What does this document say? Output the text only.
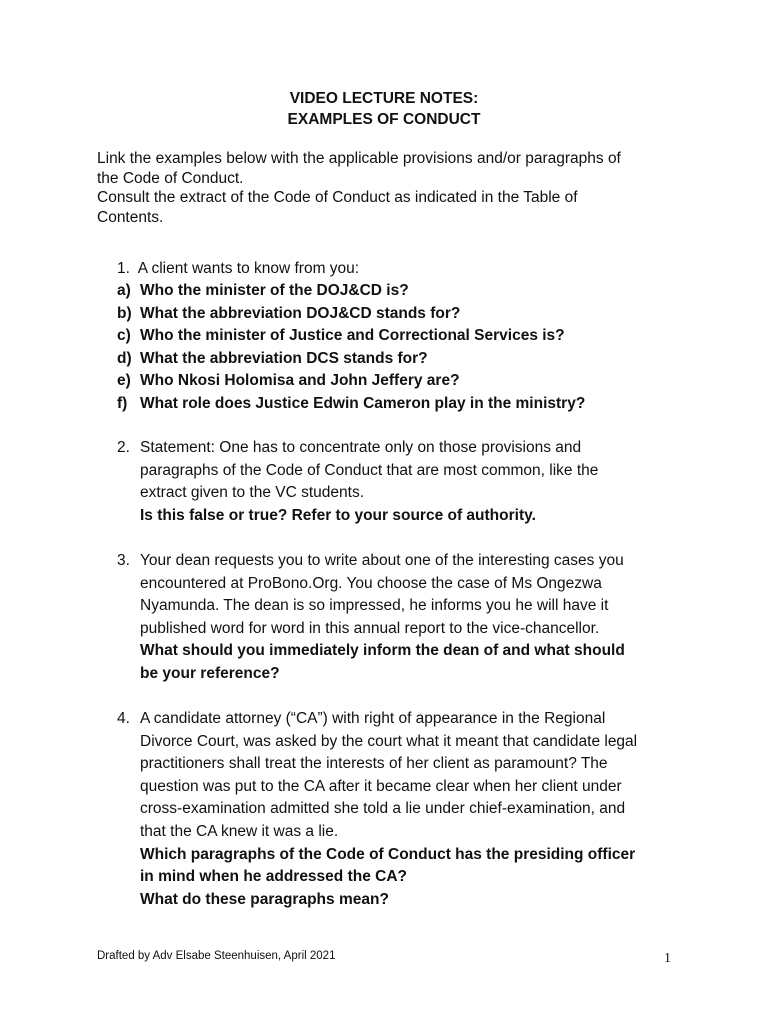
VIDEO LECTURE NOTES:
EXAMPLES OF CONDUCT
Link the examples below with the applicable provisions and/or paragraphs of
the Code of Conduct.
Consult the extract of the Code of Conduct as indicated in the Table of
Contents.
1. A client wants to know from you:
a) Who the minister of the DOJ&CD is?
b) What the abbreviation DOJ&CD stands for?
c) Who the minister of Justice and Correctional Services is?
d) What the abbreviation DCS stands for?
e) Who Nkosi Holomisa and John Jeffery are?
f) What role does Justice Edwin Cameron play in the ministry?
2. Statement: One has to concentrate only on those provisions and
paragraphs of the Code of Conduct that are most common, like the
extract given to the VC students.
Is this false or true? Refer to your source of authority.
3. Your dean requests you to write about one of the interesting cases you
encountered at ProBono.Org. You choose the case of Ms Ongezwa
Nyamunda. The dean is so impressed, he informs you he will have it
published word for word in this annual report to the vice-chancellor.
What should you immediately inform the dean of and what should
be your reference?
4. A candidate attorney (“CA”) with right of appearance in the Regional
Divorce Court, was asked by the court what it meant that candidate legal
practitioners shall treat the interests of her client as paramount? The
question was put to the CA after it became clear when her client under
cross-examination admitted she told a lie under chief-examination, and
that the CA knew it was a lie.
Which paragraphs of the Code of Conduct has the presiding officer
in mind when he addressed the CA?
What do these paragraphs mean?
Drafted by Adv Elsabe Steenhuisen, April 2021	1
